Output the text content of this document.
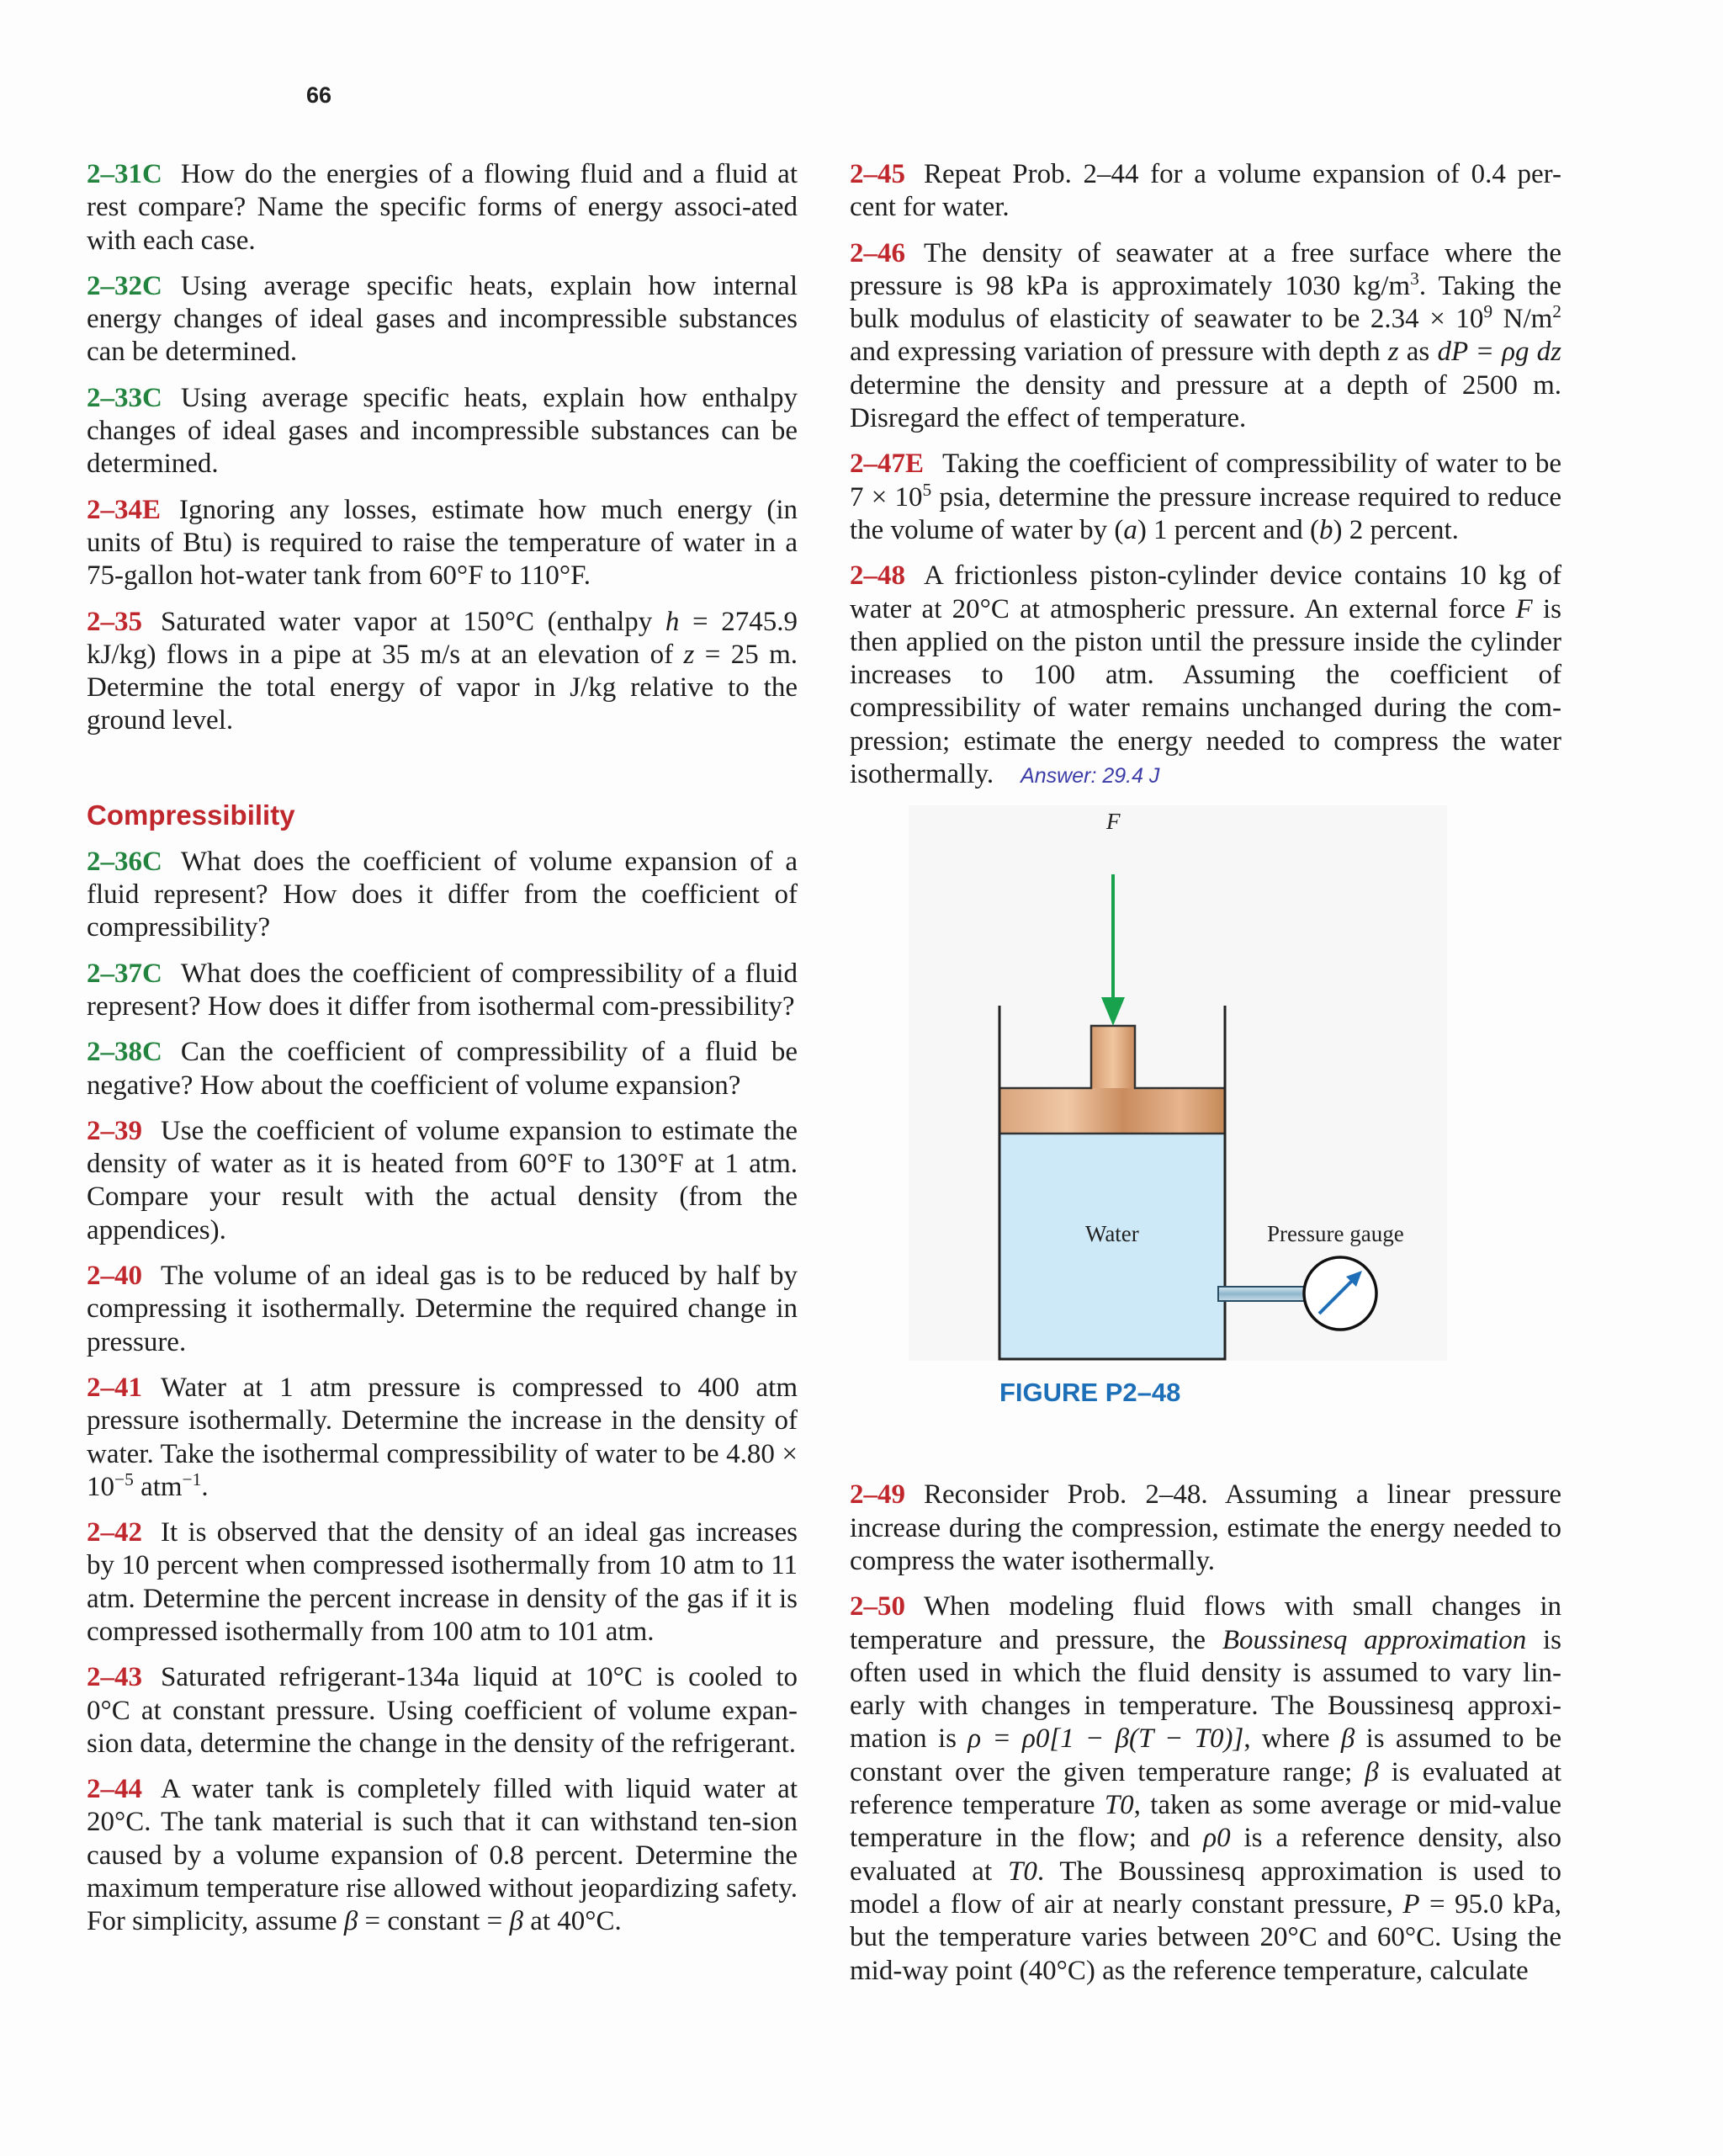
66

2–31C How do the energies of a flowing fluid and a fluid at rest compare? Name the specific forms of energy associ-ated with each case.

2–32C Using average specific heats, explain how internal energy changes of ideal gases and incompressible substances can be determined.

2–33C Using average specific heats, explain how enthalpy changes of ideal gases and incompressible substances can be determined.

2–34E Ignoring any losses, estimate how much energy (in units of Btu) is required to raise the temperature of water in a 75-gallon hot-water tank from 60°F to 110°F.

2–35 Saturated water vapor at 150°C (enthalpy h = 2745.9 kJ/kg) flows in a pipe at 35 m/s at an elevation of z = 25 m. Determine the total energy of vapor in J/kg relative to the ground level.

Compressibility

2–36C What does the coefficient of volume expansion of a fluid represent? How does it differ from the coefficient of compressibility?

2–37C What does the coefficient of compressibility of a fluid represent? How does it differ from isothermal com-pressibility?

2–38C Can the coefficient of compressibility of a fluid be negative? How about the coefficient of volume expansion?

2–39 Use the coefficient of volume expansion to estimate the density of water as it is heated from 60°F to 130°F at 1 atm. Compare your result with the actual density (from the appendices).

2–40 The volume of an ideal gas is to be reduced by half by compressing it isothermally. Determine the required change in pressure.

2–41 Water at 1 atm pressure is compressed to 400 atm pressure isothermally. Determine the increase in the density of water. Take the isothermal compressibility of water to be $4.80 \times 10^{-5}$ atm$^{-1}$.

2–42 It is observed that the density of an ideal gas increases by 10 percent when compressed isothermally from 10 atm to 11 atm. Determine the percent increase in density of the gas if it is compressed isothermally from 100 atm to 101 atm.

2–43 Saturated refrigerant-134a liquid at 10°C is cooled to 0°C at constant pressure. Using coefficient of volume expan-sion data, determine the change in the density of the refrigerant.

2–44 A water tank is completely filled with liquid water at 20°C. The tank material is such that it can withstand ten-sion caused by a volume expansion of 0.8 percent. Determine the maximum temperature rise allowed without jeopardizing safety. For simplicity, assume β = constant = β at 40°C.

2–45 Repeat Prob. 2–44 for a volume expansion of 0.4 per-cent for water.

2–46 The density of seawater at a free surface where the pressure is 98 kPa is approximately 1030 $kg/m^3$. Taking the bulk modulus of elasticity of seawater to be $2.34 \times 10^9$ $N/m^2$ and expressing variation of pressure with depth z as dP = ρg dz determine the density and pressure at a depth of 2500 m. Disregard the effect of temperature.

2–47E Taking the coefficient of compressibility of water to be $7 \times 10^5$ psia, determine the pressure increase required to reduce the volume of water by (a) 1 percent and (b) 2 percent.

2–48 A frictionless piston-cylinder device contains 10 kg of water at 20°C at atmospheric pressure. An external force F is then applied on the piston until the pressure inside the cylinder increases to 100 atm. Assuming the coefficient of compressibility of water remains unchanged during the com-pression; estimate the energy needed to compress the water isothermally. Answer: 29.4 J

F
Water	Pressure gauge
FIGURE P2–48

2–49 Reconsider Prob. 2–48. Assuming a linear pressure increase during the compression, estimate the energy needed to compress the water isothermally.

2–50 When modeling fluid flows with small changes in temperature and pressure, the Boussinesq approximation is often used in which the fluid density is assumed to vary lin-early with changes in temperature. The Boussinesq approxi-mation is ρ = ρ0[1 − β(T − T0)], where β is assumed to be constant over the given temperature range; β is evaluated at reference temperature T0, taken as some average or mid-value temperature in the flow; and ρ0 is a reference density, also evaluated at T0. The Boussinesq approximation is used to model a flow of air at nearly constant pressure, P = 95.0 kPa, but the temperature varies between 20°C and 60°C. Using the mid-way point (40°C) as the reference temperature, calculate
